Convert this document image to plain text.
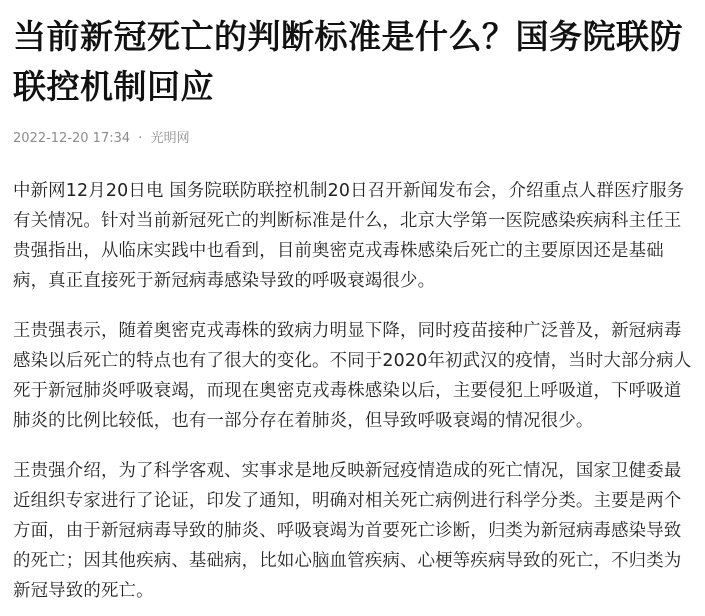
当前新冠死亡的判断标准是什么？国务院联防联控机制回应
2022-12-20 17:34 · 光明网

中新网12月20日电 国务院联防联控机制20日召开新闻发布会，介绍重点人群医疗服务有关情况。针对当前新冠死亡的判断标准是什么，北京大学第一医院感染疾病科主任王贵强指出，从临床实践中也看到，目前奥密克戎毒株感染后死亡的主要原因还是基础病，真正直接死于新冠病毒感染导致的呼吸衰竭很少。

王贵强表示，随着奥密克戎毒株的致病力明显下降，同时疫苗接种广泛普及，新冠病毒感染以后死亡的特点也有了很大的变化。不同于2020年初武汉的疫情，当时大部分病人死于新冠肺炎呼吸衰竭，而现在奥密克戎毒株感染以后，主要侵犯上呼吸道，下呼吸道肺炎的比例比较低，也有一部分存在着肺炎，但导致呼吸衰竭的情况很少。

王贵强介绍，为了科学客观、实事求是地反映新冠疫情造成的死亡情况，国家卫健委最近组织专家进行了论证，印发了通知，明确对相关死亡病例进行科学分类。主要是两个方面，由于新冠病毒导致的肺炎、呼吸衰竭为首要死亡诊断，归类为新冠病毒感染导致的死亡；因其他疾病、基础病，比如心脑血管疾病、心梗等疾病导致的死亡，不归类为新冠导致的死亡。
